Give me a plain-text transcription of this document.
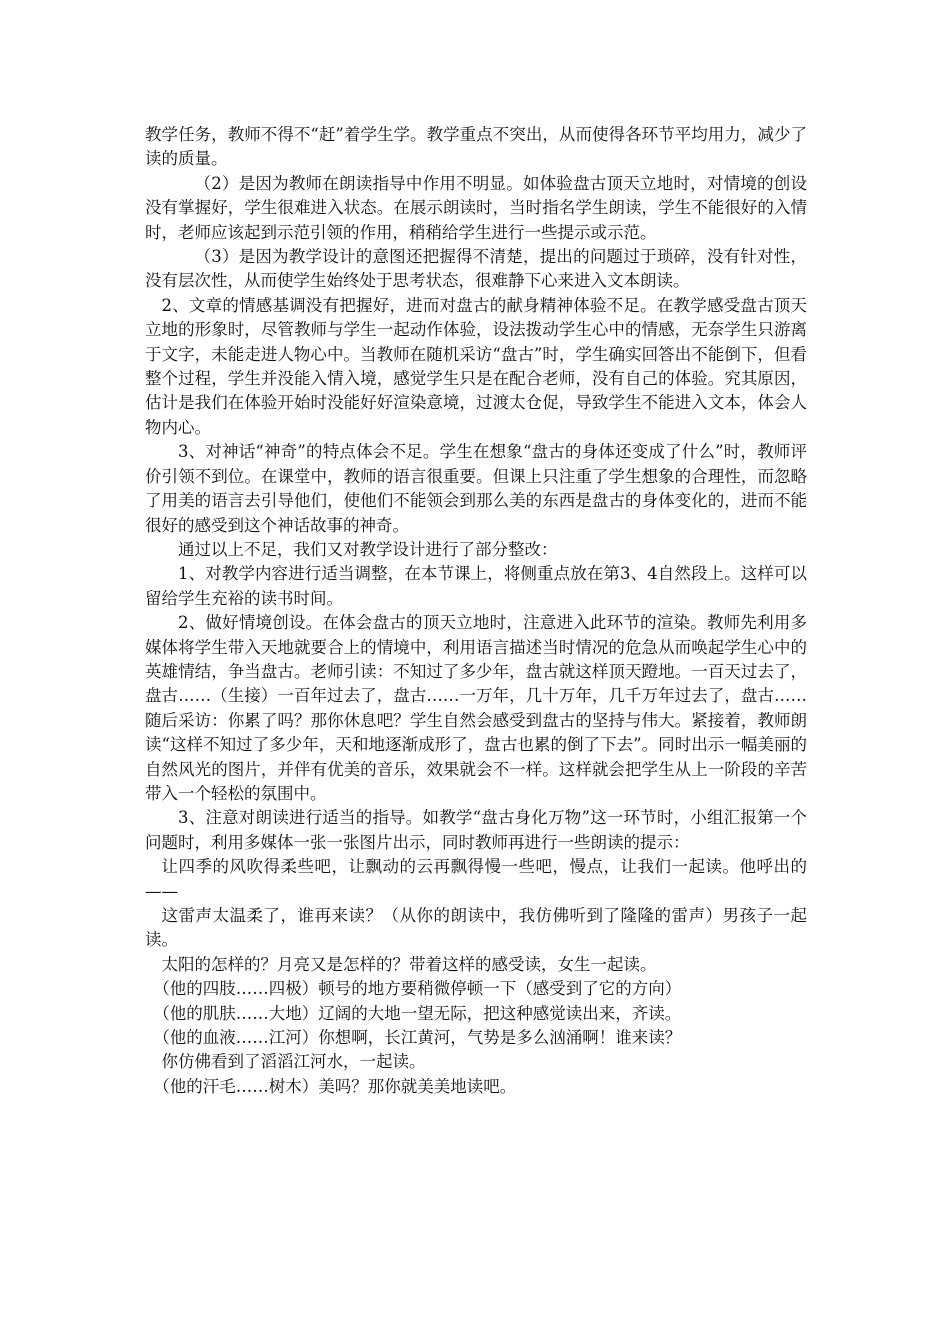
教学任务，教师不得不“赶”着学生学。教学重点不突出，从而使得各环节平均用力，减少了读的质量。

（2）是因为教师在朗读指导中作用不明显。如体验盘古顶天立地时，对情境的创设没有掌握好，学生很难进入状态。在展示朗读时，当时指名学生朗读，学生不能很好的入情时，老师应该起到示范引领的作用，稍稍给学生进行一些提示或示范。

（3）是因为教学设计的意图还把握得不清楚，提出的问题过于琐碎，没有针对性，没有层次性，从而使学生始终处于思考状态，很难静下心来进入文本朗读。

2、文章的情感基调没有把握好，进而对盘古的献身精神体验不足。在教学感受盘古顶天立地的形象时，尽管教师与学生一起动作体验，设法拨动学生心中的情感，无奈学生只游离于文字，未能走进人物心中。当教师在随机采访“盘古”时，学生确实回答出不能倒下，但看整个过程，学生并没能入情入境，感觉学生只是在配合老师，没有自己的体验。究其原因，估计是我们在体验开始时没能好好渲染意境，过渡太仓促，导致学生不能进入文本，体会人物内心。

3、对神话“神奇”的特点体会不足。学生在想象“盘古的身体还变成了什么”时，教师评价引领不到位。在课堂中，教师的语言很重要。但课上只注重了学生想象的合理性，而忽略了用美的语言去引导他们，使他们不能领会到那么美的东西是盘古的身体变化的，进而不能很好的感受到这个神话故事的神奇。

通过以上不足，我们又对教学设计进行了部分整改：

1、对教学内容进行适当调整，在本节课上，将侧重点放在第3、4自然段上。这样可以留给学生充裕的读书时间。

2、做好情境创设。在体会盘古的顶天立地时，注意进入此环节的渲染。教师先利用多媒体将学生带入天地就要合上的情境中，利用语言描述当时情况的危急从而唤起学生心中的英雄情结，争当盘古。老师引读：不知过了多少年，盘古就这样顶天蹬地。一百天过去了，盘古……（生接）一百年过去了，盘古……一万年，几十万年，几千万年过去了，盘古……随后采访：你累了吗？那你休息吧？学生自然会感受到盘古的坚持与伟大。紧接着，教师朗读“这样不知过了多少年，天和地逐渐成形了，盘古也累的倒了下去”。同时出示一幅美丽的自然风光的图片，并伴有优美的音乐，效果就会不一样。这样就会把学生从上一阶段的辛苦带入一个轻松的氛围中。

3、注意对朗读进行适当的指导。如教学“盘古身化万物”这一环节时，小组汇报第一个问题时，利用多媒体一张一张图片出示，同时教师再进行一些朗读的提示：

让四季的风吹得柔些吧，让飘动的云再飘得慢一些吧，慢点，让我们一起读。他呼出的——

这雷声太温柔了，谁再来读？（从你的朗读中，我仿佛听到了隆隆的雷声）男孩子一起读。

太阳的怎样的？月亮又是怎样的？带着这样的感受读，女生一起读。

（他的四肢……四极）顿号的地方要稍微停顿一下（感受到了它的方向）

（他的肌肤……大地）辽阔的大地一望无际，把这种感觉读出来，齐读。

（他的血液……江河）你想啊，长江黄河，气势是多么汹涌啊！谁来读？

你仿佛看到了滔滔江河水，一起读。

（他的汗毛……树木）美吗？那你就美美地读吧。
